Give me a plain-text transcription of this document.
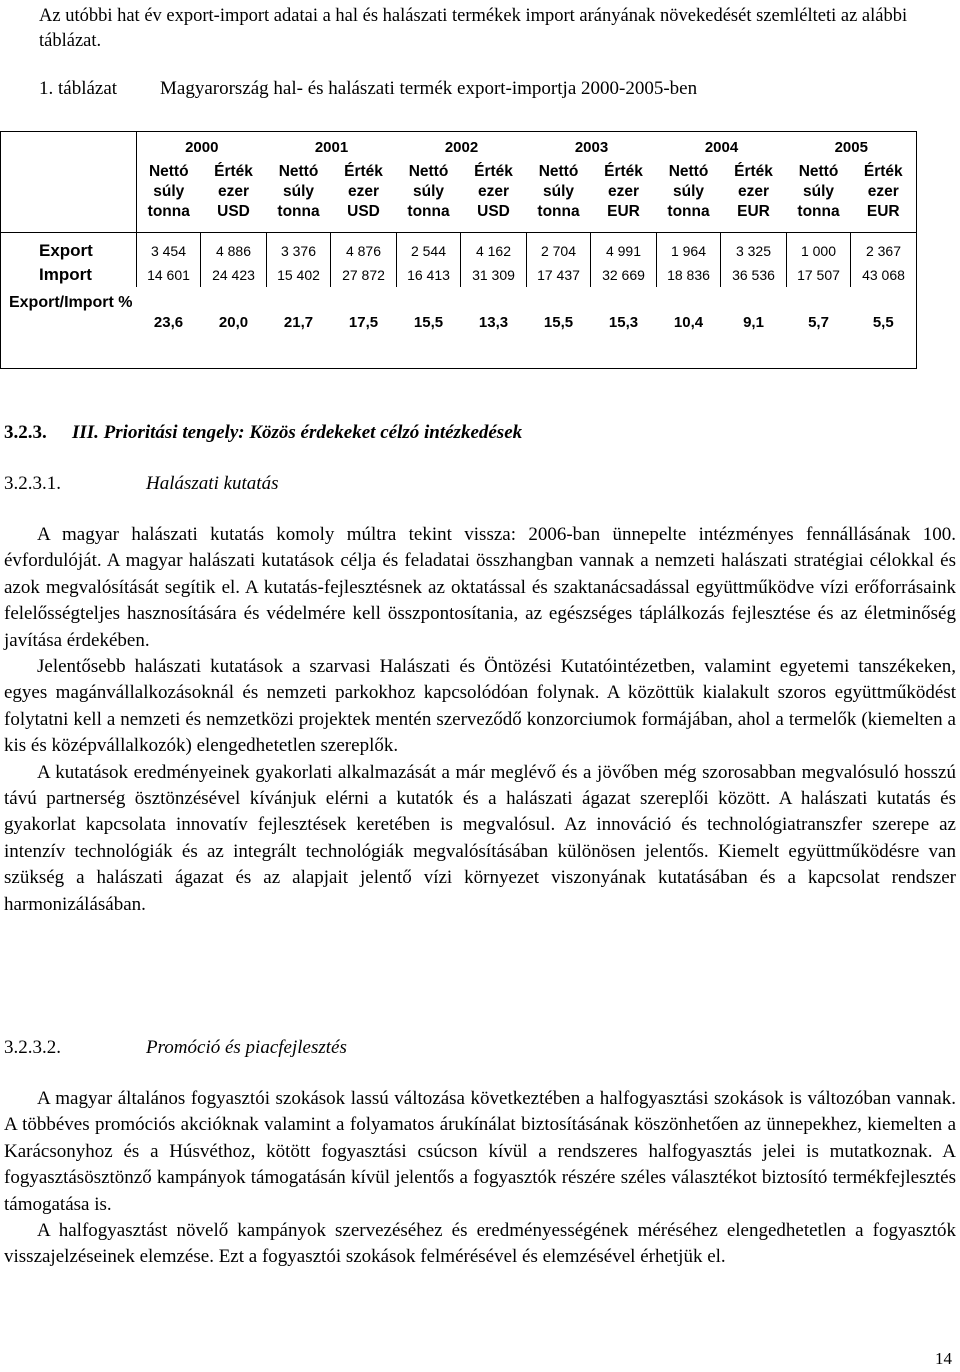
Az utóbbi hat év export-import adatai a hal és halászati termékek import arányának növekedését szemlélteti az alábbi táblázat.

1. táblázat Magyarország hal- és halászati termék export-importja 2000-2005-ben

	2000		2001		2002		2003		2004		2005	
	Nettó súly tonna	Érték ezer USD	Nettó súly tonna	Érték ezer USD	Nettó súly tonna	Érték ezer USD	Nettó súly tonna	Érték ezer EUR	Nettó súly tonna	Érték ezer EUR	Nettó súly tonna	Érték ezer EUR
Export	3 454	4 886	3 376	4 876	2 544	4 162	2 704	4 991	1 964	3 325	1 000	2 367
Import	14 601	24 423	15 402	27 872	16 413	31 309	17 437	32 669	18 836	36 536	17 507	43 068
Export/Import %	23,6	20,0	21,7	17,5	15,5	13,3	15,5	15,3	10,4	9,1	5,7	5,5

3.2.3. III. Prioritási tengely: Közös érdekeket célzó intézkedések

3.2.3.1.	Halászati kutatás

A magyar halászati kutatás komoly múltra tekint vissza: 2006-ban ünnepelte intézményes fennállásának 100. évfordulóját. A magyar halászati kutatások célja és feladatai összhangban vannak a nemzeti halászati stratégiai célokkal és azok megvalósítását segítik el. A kutatás-fejlesztésnek az oktatással és szaktanácsadással együttműködve vízi erőforrásaink felelősségteljes hasznosítására és védelmére kell összpontosítania, az egészséges táplálkozás fejlesztése és az életminőség javítása érdekében.

Jelentősebb halászati kutatások a szarvasi Halászati és Öntözési Kutatóintézetben, valamint egyetemi tanszékeken, egyes magánvállalkozásoknál és nemzeti parkokhoz kapcsolódóan folynak. A közöttük kialakult szoros együttműködést folytatni kell a nemzeti és nemzetközi projektek mentén szerveződő konzorciumok formájában, ahol a termelők (kiemelten a kis és középvállalkozók) elengedhetetlen szereplők.

A kutatások eredményeinek gyakorlati alkalmazását a már meglévő és a jövőben még szorosabban megvalósuló hosszú távú partnerség ösztönzésével kívánjuk elérni a kutatók és a halászati ágazat szereplői között. A halászati kutatás és gyakorlat kapcsolata innovatív fejlesztések keretében is megvalósul. Az innováció és technológiatranszfer szerepe az intenzív technológiák és az integrált technológiák megvalósításában különösen jelentős. Kiemelt együttműködésre van szükség a halászati ágazat és az alapjait jelentő vízi környezet viszonyának kutatásában és a kapcsolat rendszer harmonizálásában.

3.2.3.2.	Promóció és piacfejlesztés

A magyar általános fogyasztói szokások lassú változása következtében a halfogyasztási szokások is változóban vannak. A többéves promóciós akcióknak valamint a folyamatos árukínálat biztosításának köszönhetően az ünnepekhez, kiemelten a Karácsonyhoz és a Húsvéthoz, kötött fogyasztási csúcson kívül a rendszeres halfogyasztás jelei is mutatkoznak. A fogyasztásösztönző kampányok támogatásán kívül jelentős a fogyasztók részére széles választékot biztosító termékfejlesztés támogatása is.

A halfogyasztást növelő kampányok szervezéséhez és eredményességének méréséhez elengedhetetlen a fogyasztók visszajelzéseinek elemzése. Ezt a fogyasztói szokások felmérésével és elemzésével érhetjük el.

14
